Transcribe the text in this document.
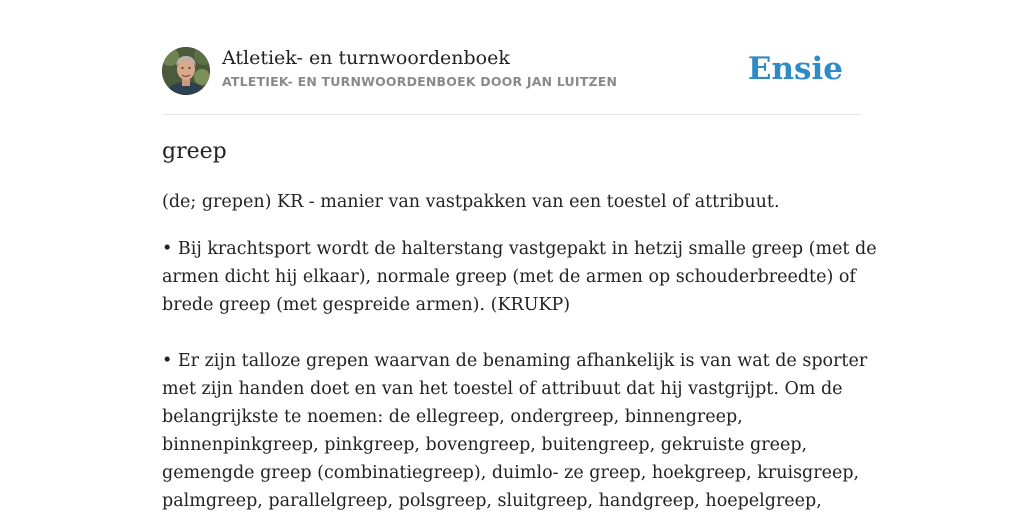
Atletiek- en turnwoordenboek
ATLETIEK- EN TURNWOORDENBOEK DOOR JAN LUITZEN	Ensie
greep

(de; grepen) KR - manier van vastpakken van een toestel of attribuut.

• Bij krachtsport wordt de halterstang vastgepakt in hetzij smalle greep (met de
armen dicht hij elkaar), normale greep (met de armen op schouderbreedte) of
brede greep (met gespreide armen). (KRUKP)

• Er zijn talloze grepen waarvan de benaming afhankelijk is van wat de sporter
met zijn handen doet en van het toestel of attribuut dat hij vastgrijpt. Om de
belangrijkste te noemen: de ellegreep, ondergreep, binnengreep,
binnenpinkgreep, pinkgreep, bovengreep, buitengreep, gekruiste greep,
gemengde greep (combinatiegreep), duimlo- ze greep, hoekgreep, kruisgreep,
palmgreep, parallelgreep, polsgreep, sluitgreep, handgreep, hoepelgreep,
